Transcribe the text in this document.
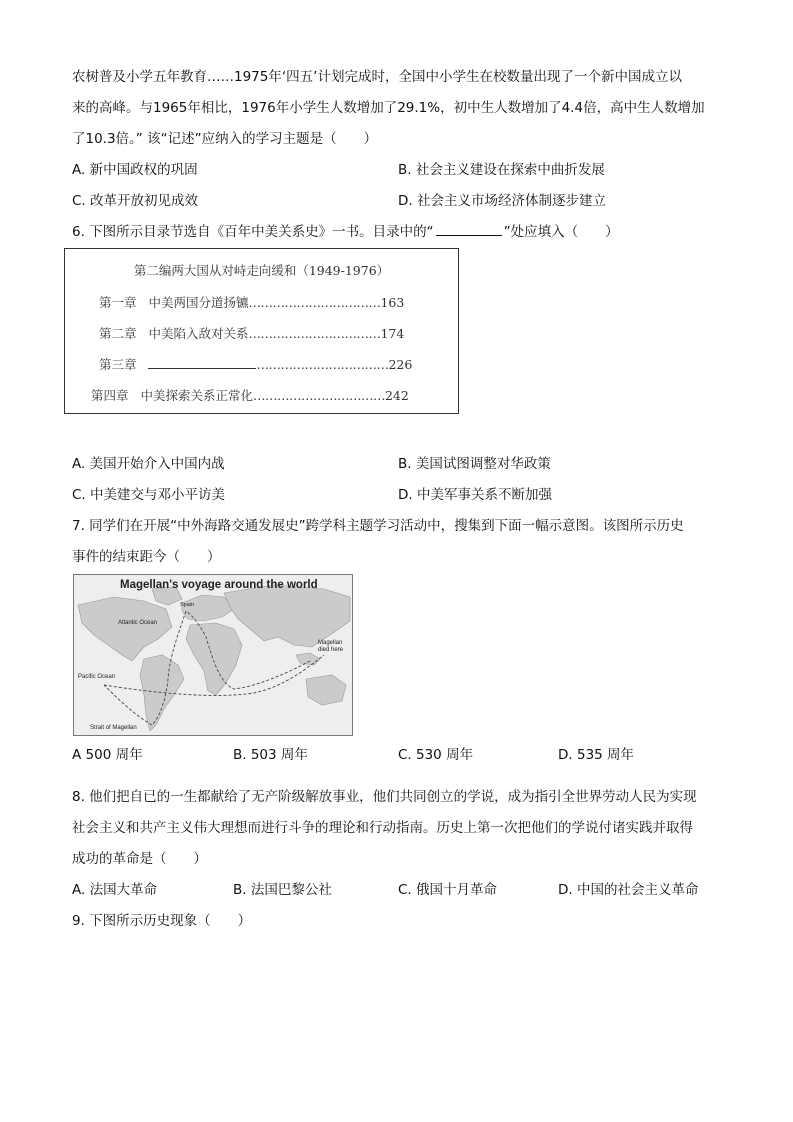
农树普及小学五年教育……1975年‘四五’计划完成时，全国中小学生在校数量出现了一个新中国成立以
来的高峰。与1965年相比，1976年小学生人数增加了29.1%，初中生人数增加了4.4倍，高中生人数增加
了10.3倍。” 该“记述”应纳入的学习主题是（　　）
A. 新中国政权的巩固	B. 社会主义建设在探索中曲折发展
C. 改革开放初见成效	D. 社会主义市场经济体制逐步建立
6. 下图所示目录节选自《百年中美关系史》一书。目录中的“	”处应填入（　　）
第二编两大国从对峙走向缓和（1949-1976）
第一章 中美两国分道扬镳……………………………163
第二章 中美陷入敌对关系……………………………174
第三章	……………………………226
第四章 中美探索关系正常化……………………………242
A. 美国开始介入中国内战	B. 美国试图调整对华政策
C. 中美建交与邓小平访美	D. 中美军事关系不断加强
7. 同学们在开展“中外海路交通发展史”跨学科主题学习活动中，搜集到下面一幅示意图。该图所示历史
事件的结束距今（　　）
Magellan's voyage around the world
Spain
Atlantic Ocean
Pacific Ocean
Magellan died here
Strait of Magellan
A 500 周年	B. 503 周年	C. 530 周年	D. 535 周年
8. 他们把自已的一生都献给了无产阶级解放事业，他们共同创立的学说，成为指引全世界劳动人民为实现
社会主义和共产主义伟大理想而进行斗争的理论和行动指南。历史上第一次把他们的学说付诸实践并取得
成功的革命是（　　）
A. 法国大革命	B. 法国巴黎公社	C. 俄国十月革命	D. 中国的社会主义革命
9. 下图所示历史现象（　　）
